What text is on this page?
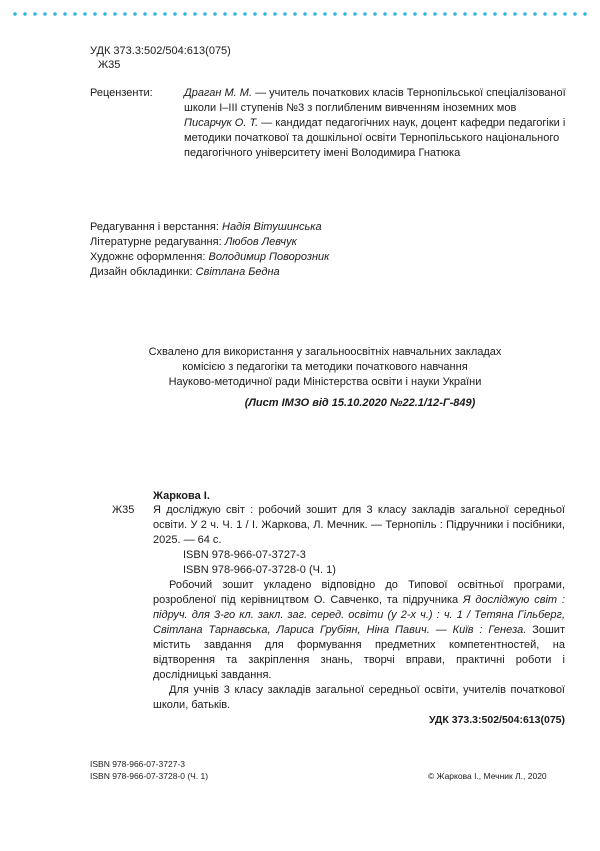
УДК 373.3:502/504:613(075)
Ж35
Рецензенти:	Драган М. М. — учитель початкових класів Тернопільської спеціалізованої школи І–ІІІ ступенів №3 з поглибленим вивченням іноземних мов

Писарчук О. Т. — кандидат педагогічних наук, доцент кафедри педагогіки і методики початкової та дошкільної освіти Тернопільського національного педагогічного університету імені Володимира Гнатюка

Редагування і верстання: Надія Вітушинська

Літературне редагування: Любов Левчук

Художнє оформлення: Володимир Поворозник

Дизайн обкладинки: Світлана Бедна

Схвалено для використання у загальноосвітніх навчальних закладах

комісією з педагогіки та методики початкового навчання

Науково-методичної ради Міністерства освіти і науки України

(Лист ІМЗО від 15.10.2020 №22.1/12-Г-849)

Жаркова І.
Ж35 Я досліджую світ : робочий зошит для 3 класу закладів загальної середньої освіти. У 2 ч. Ч. 1 / І. Жаркова, Л. Мечник. — Тернопіль : Підручники і посібники, 2025. — 64 с.

ISBN 978-966-07-3727-3

ISBN 978-966-07-3728-0 (Ч. 1)

Робочий зошит укладено відповідно до Типової освітньої програми, розробленої під керівництвом О. Савченко, та підручника Я досліджую світ : підруч. для 3-го кл. закл. заг. серед. освіти (у 2-х ч.) : ч. 1 / Тетяна Гільберг, Світлана Тарнавська, Лариса Грубіян, Ніна Павич. — Київ : Генеза. Зошит містить завдання для формування предметних компетентностей, на відтворення та закріплення знань, творчі вправи, практичні роботи і дослідницькі завдання.

Для учнів 3 класу закладів загальної середньої освіти, учителів початкової школи, батьків.

УДК 373.3:502/504:613(075)

ISBN 978-966-07-3727-3

ISBN 978-966-07-3728-0 (Ч. 1)	© Жаркова І., Мечник Л., 2020
